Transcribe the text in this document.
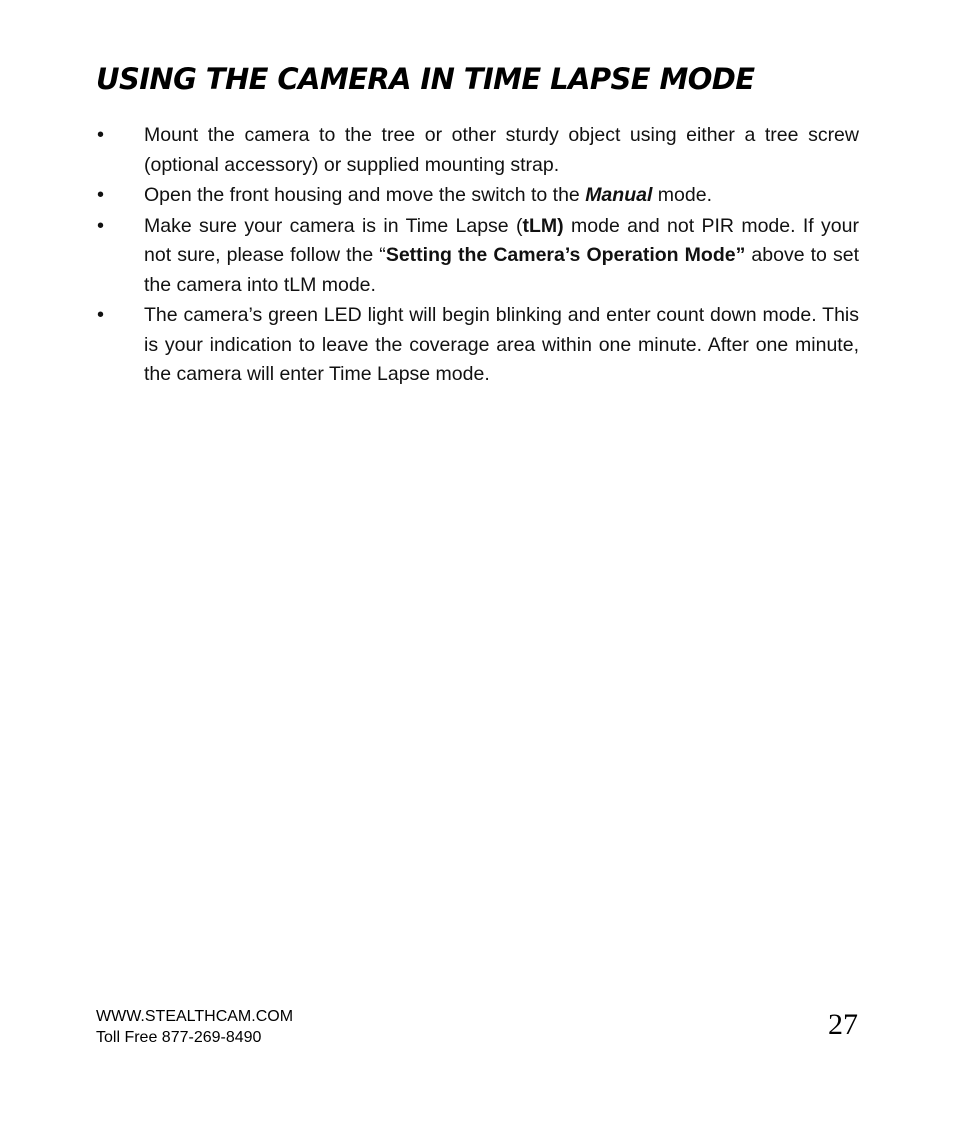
USING THE CAMERA IN TIME LAPSE MODE
•	Mount the camera to the tree or other sturdy object using either a tree screw (optional accessory) or supplied mounting strap.
•	Open the front housing and move the switch to the Manual mode.
•	Make sure your camera is in Time Lapse (tLM) mode and not PIR mode. If your not sure, please follow the “Setting the Camera’s Operation Mode” above to set the camera into tLM mode.
•	The camera’s green LED light will begin blinking and enter count down mode. This is your indication to leave the coverage area within one minute. After one minute, the camera will enter Time Lapse mode.
WWW.STEALTHCAM.COM
Toll Free 877-269-8490	27
